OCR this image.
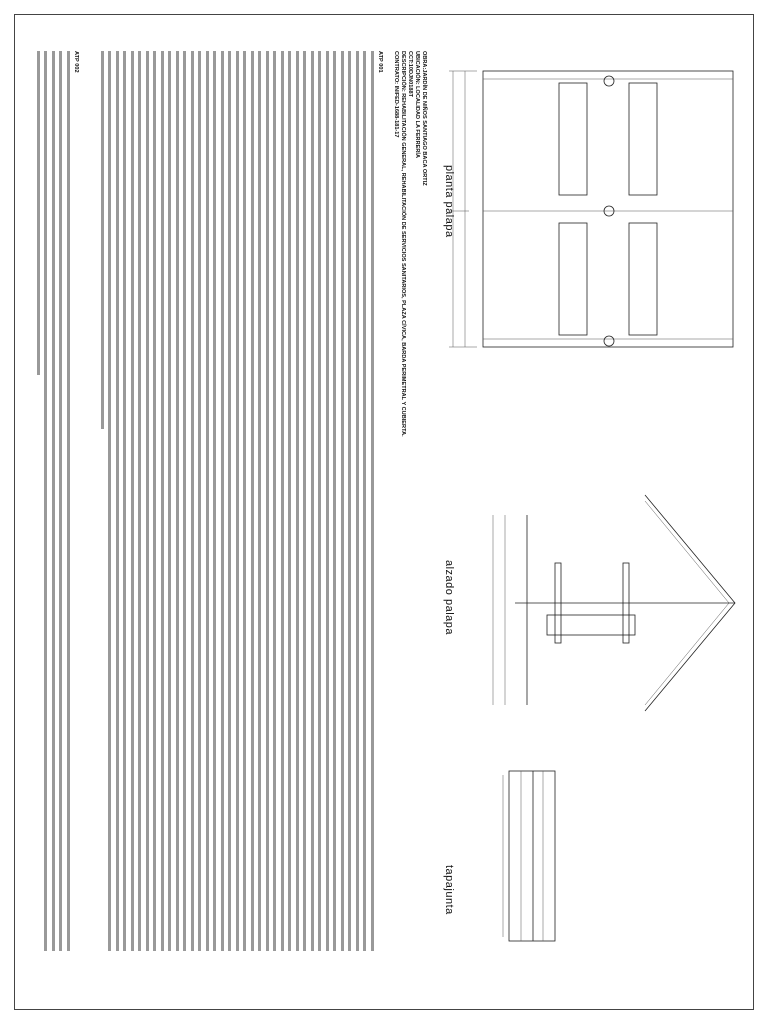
planta palapa
alzado palapa
tapajunta
OBRA:JARDÍN DE NIÑOS SANTIAGO BACA ORTIZ
UBICACIÓN: LOCALIDAD LA FERRERÍA
CCT:10DJN0188T
DESCRIPCIÓN: REHABILITACIÓN GENERAL, REHABILITACIÓN DE SERVICIOS SANITARIOS, PLAZA CÍVICA, BARDA PERIMETRAL Y CUBIERTA.
CONTRATO: INIFED-1688-181-17
ATP 001
ATP 002
